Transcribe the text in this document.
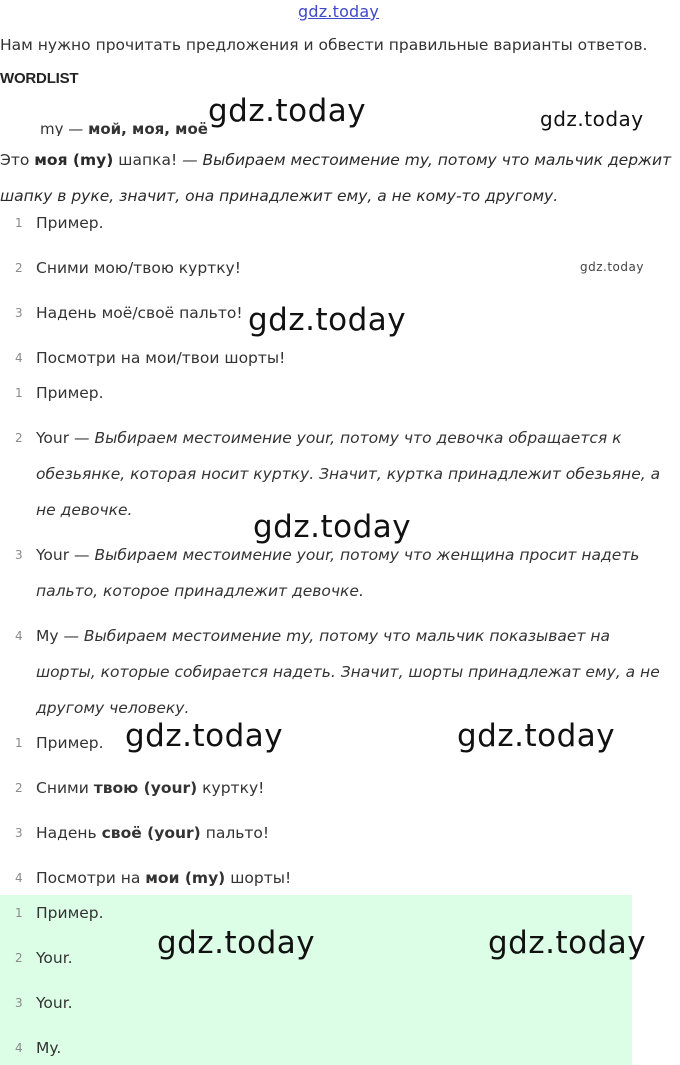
gdz.today
Нам нужно прочитать предложения и обвести правильные варианты ответов.
WORDLIST
my — мой, моя, моё
Это моя (my) шапка! — Выбираем местоимение my, потому что мальчик держит шапку в руке, значит, она принадлежит ему, а не кому-то другому.
1 Пример.
2 Сними мою/твою куртку!
3 Надень моё/своё пальто!
4 Посмотри на мои/твои шорты!
1 Пример.
2 Your — Выбираем местоимение your, потому что девочка обращается к обезьянке, которая носит куртку. Значит, куртка принадлежит обезьяне, а не девочке.
3 Your — Выбираем местоимение your, потому что женщина просит надеть пальто, которое принадлежит девочке.
4 My — Выбираем местоимение my, потому что мальчик показывает на шорты, которые собирается надеть. Значит, шорты принадлежат ему, а не другому человеку.
1 Пример.
2 Сними твою (your) куртку!
3 Надень своё (your) пальто!
4 Посмотри на мои (my) шорты!
1 Пример.
2 Your.
3 Your.
4 My.
gdz.today	gdz.today
gdz.today
gdz.today
gdz.today
gdz.today	gdz.today
gdz.today	gdz.today
